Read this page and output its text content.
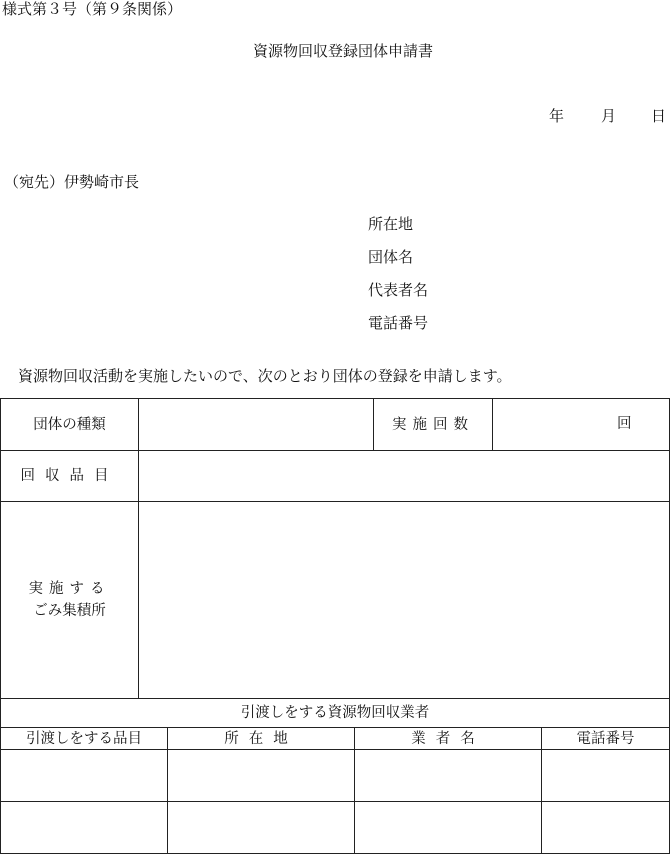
様式第３号（第９条関係）
資源物回収登録団体申請書
年 月 日
（宛先）伊勢崎市長
所在地
団体名
代表者名
電話番号
資源物回収活動を実施したいので、次のとおり団体の登録を申請します。
団体の種類	実施回数	回
回収品目
実施する
ごみ集積所
引渡しをする資源物回収業者
引渡しをする品目	所在地	業者名	電話番号
